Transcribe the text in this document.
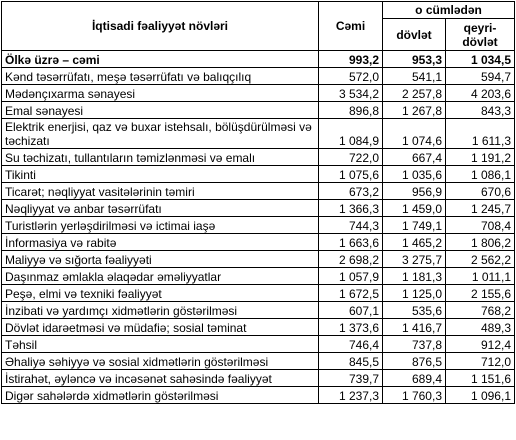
İqtisadi fəaliyyət növləri	Cəmi	o cümlədən	
		dövlət	qeyri-dövlət
Ölkə üzrə – cəmi	993,2	953,3	1 034,5
Kənd təsərrüfatı, meşə təsərrüfatı və balıqçılıq	572,0	541,1	594,7
Mədənçıxarma sənayesi	3 534,2	2 257,8	4 203,6
Emal sənayesi	896,8	1 267,8	843,3
Elektrik enerjisi, qaz və buxar istehsalı, bölüşdürülməsi və təchizatı	1 084,9	1 074,6	1 611,3
Su təchizatı, tullantıların təmizlənməsi və emalı	722,0	667,4	1 191,2
Tikinti	1 075,6	1 035,6	1 086,1
Ticarət; nəqliyyat vasitələrinin təmiri	673,2	956,9	670,6
Nəqliyyat və anbar təsərrüfatı	1 366,3	1 459,0	1 245,7
Turistlərin yerləşdirilməsi və ictimai iaşə	744,3	1 749,1	708,4
İnformasiya və rabitə	1 663,6	1 465,2	1 806,2
Maliyyə və sığorta fəaliyyəti	2 698,2	3 275,7	2 562,2
Daşınmaz əmlakla əlaqədar əməliyyatlar	1 057,9	1 181,3	1 011,1
Peşə, elmi və texniki fəaliyyət	1 672,5	1 125,0	2 155,6
İnzibati və yardımçı xidmətlərin göstərilməsi	607,1	535,6	768,2
Dövlət idarəetməsi və müdafiə; sosial təminat	1 373,6	1 416,7	489,3
Təhsil	746,4	737,8	912,4
Əhaliyə səhiyyə və sosial xidmətlərin göstərilməsi	845,5	876,5	712,0
İstirahət, əyləncə və incəsənət sahəsində fəaliyyət	739,7	689,4	1 151,6
Digər sahələrdə xidmətlərin göstərilməsi	1 237,3	1 760,3	1 096,1
